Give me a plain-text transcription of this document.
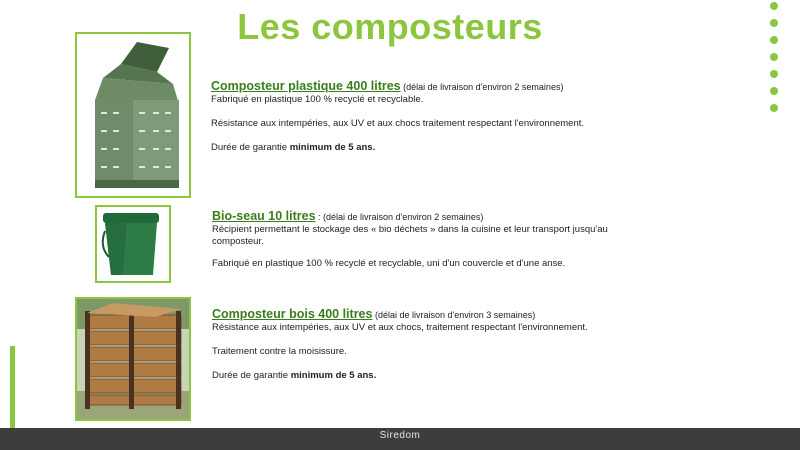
Les composteurs

Composteur plastique 400 litres (délai de livraison d'environ 2 semaines)

Fabriqué en plastique 100 % recyclé et recyclable.

Résistance aux intempéries, aux UV et aux chocs traitement respectant l'environnement.

Durée de garantie minimum de 5 ans.

Bio-seau 10 litres : (délai de livraison d'environ 2 semaines)

Récipient permettant le stockage des « bio déchets » dans la cuisine et leur transport jusqu'au composteur.

Fabriqué en plastique 100 % recyclé et recyclable, uni d'un couvercle et d'une anse.

Composteur bois 400 litres (délai de livraison d'environ 3 semaines)

Résistance aux intempéries, aux UV et aux chocs, traitement respectant l'environnement.

Traitement contre la moisissure.

Durée de garantie minimum de 5 ans.

Siredom
